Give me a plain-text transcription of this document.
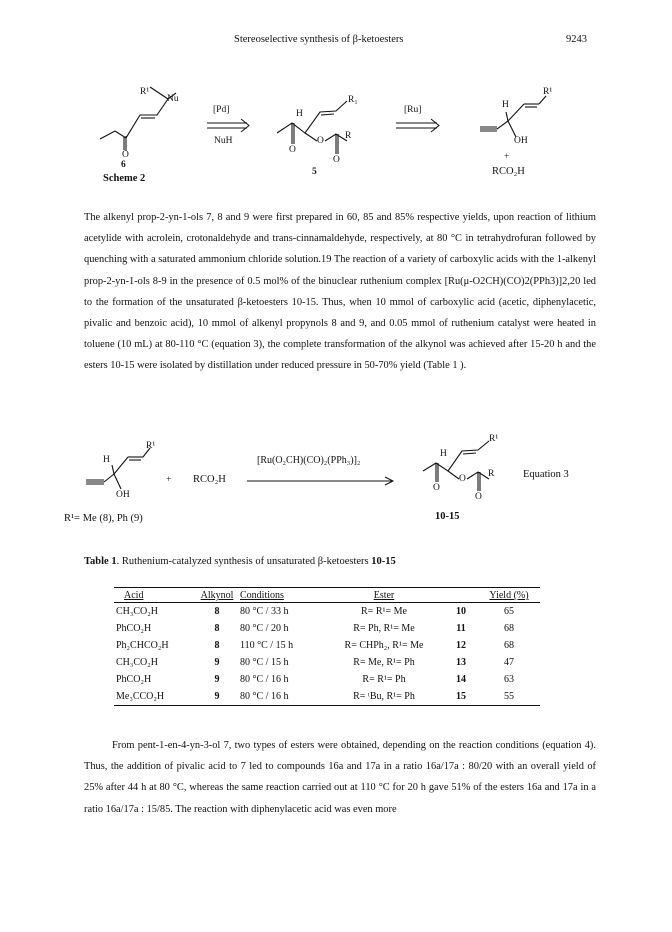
Stereoselective synthesis of β-ketoesters	9243
R¹
Nu
O
6
Scheme 2
[Pd]
NuH
H
R₁
O
O R
O
5
[Ru]	H
R¹
OH
+
RCO₂H

The alkenyl prop-2-yn-1-ols 7, 8 and 9 were first prepared in 60, 85 and 85% respective yields, upon reaction of lithium acetylide with acrolein, crotonaldehyde and trans-cinnamaldehyde, respectively, at 80 °C in tetrahydrofuran followed by quenching with a saturated ammonium chloride solution.19 The reaction of a variety of carboxylic acids with the 1-alkenyl prop-2-yn-1-ols 8-9 in the presence of 0.5 mol% of the binuclear ruthenium complex [Ru(μ-O2CH)(CO)2(PPh3)]2,20 led to the formation of the unsaturated β-ketoesters 10-15. Thus, when 10 mmol of carboxylic acid (acetic, diphenylacetic, pivalic and benzoic acid), 10 mmol of alkenyl propynols 8 and 9, and 0.05 mmol of ruthenium catalyst were heated in toluene (10 mL) at 80-110 °C (equation 3), the complete transformation of the alkynol was achieved after 15-20 h and the esters 10-15 were isolated by distillation under reduced pressure in 50-70% yield (Table 1 ).

H
R¹
OH
+ RCO₂H
[Ru(O₂CH)(CO)₂(PPh₃)]₂
R¹= Me (8), Ph (9)
H
R¹
O
O R
O
10-15
Equation 3
Table 1. Ruthenium-catalyzed synthesis of unsaturated β-ketoesters 10-15
Acid	Alkynol	Conditions	Ester		Yield (%)
CH₃CO₂H	8	80 °C / 33 h	R= R¹= Me	10	65
PhCO₂H	8	80 °C / 20 h	R= Ph, R¹= Me	11	68
Ph₂CHCO₂H	8	110 °C / 15 h	R= CHPh₂, R¹= Me	12	68
CH₃CO₂H	9	80 °C / 15 h	R= Me, R¹= Ph	13	47
PhCO₂H	9	80 °C / 16 h	R= R¹= Ph	14	63
Me₃CCO₂H	9	80 °C / 16 h	R= ᵗBu, R¹= Ph	15	55

From pent-1-en-4-yn-3-ol 7, two types of esters were obtained, depending on the reaction conditions (equation 4). Thus, the addition of pivalic acid to 7 led to compounds 16a and 17a in a ratio 16a/17a : 80/20 with an overall yield of 25% after 44 h at 80 °C, whereas the same reaction carried out at 110 °C for 20 h gave 51% of the esters 16a and 17a in a ratio 16a/17a : 15/85. The reaction with diphenylacetic acid was even more
